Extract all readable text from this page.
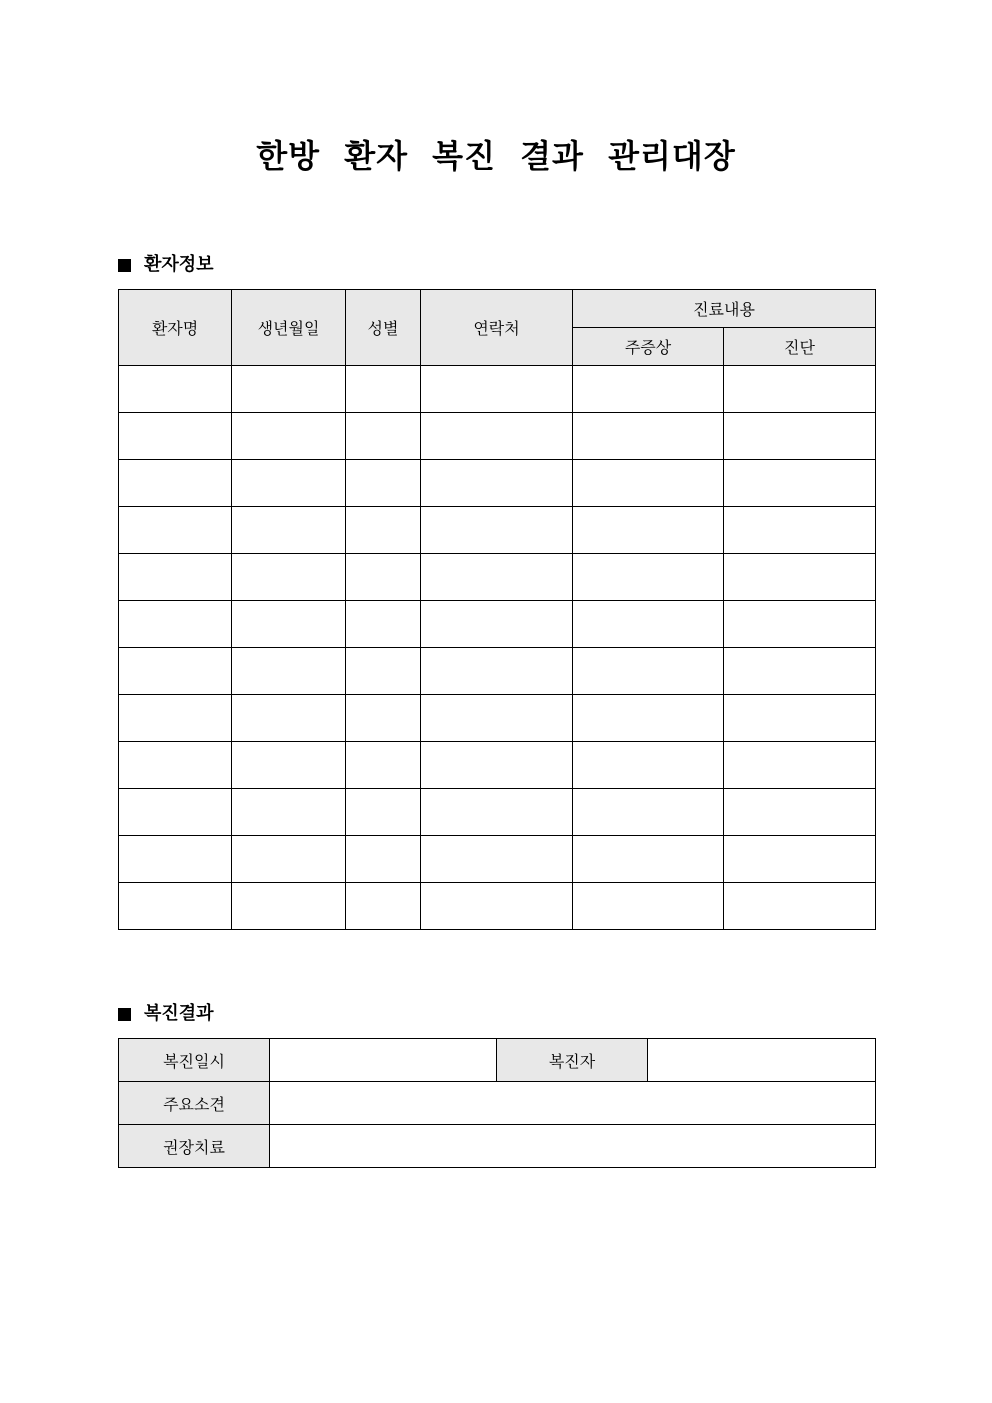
한방 환자 복진 결과 관리대장
환자정보
환자명	생년월일	성별	연락처	진료내용	
				주증상	진단

복진결과
복진일시		복진자	
주요소견			
권장치료			
